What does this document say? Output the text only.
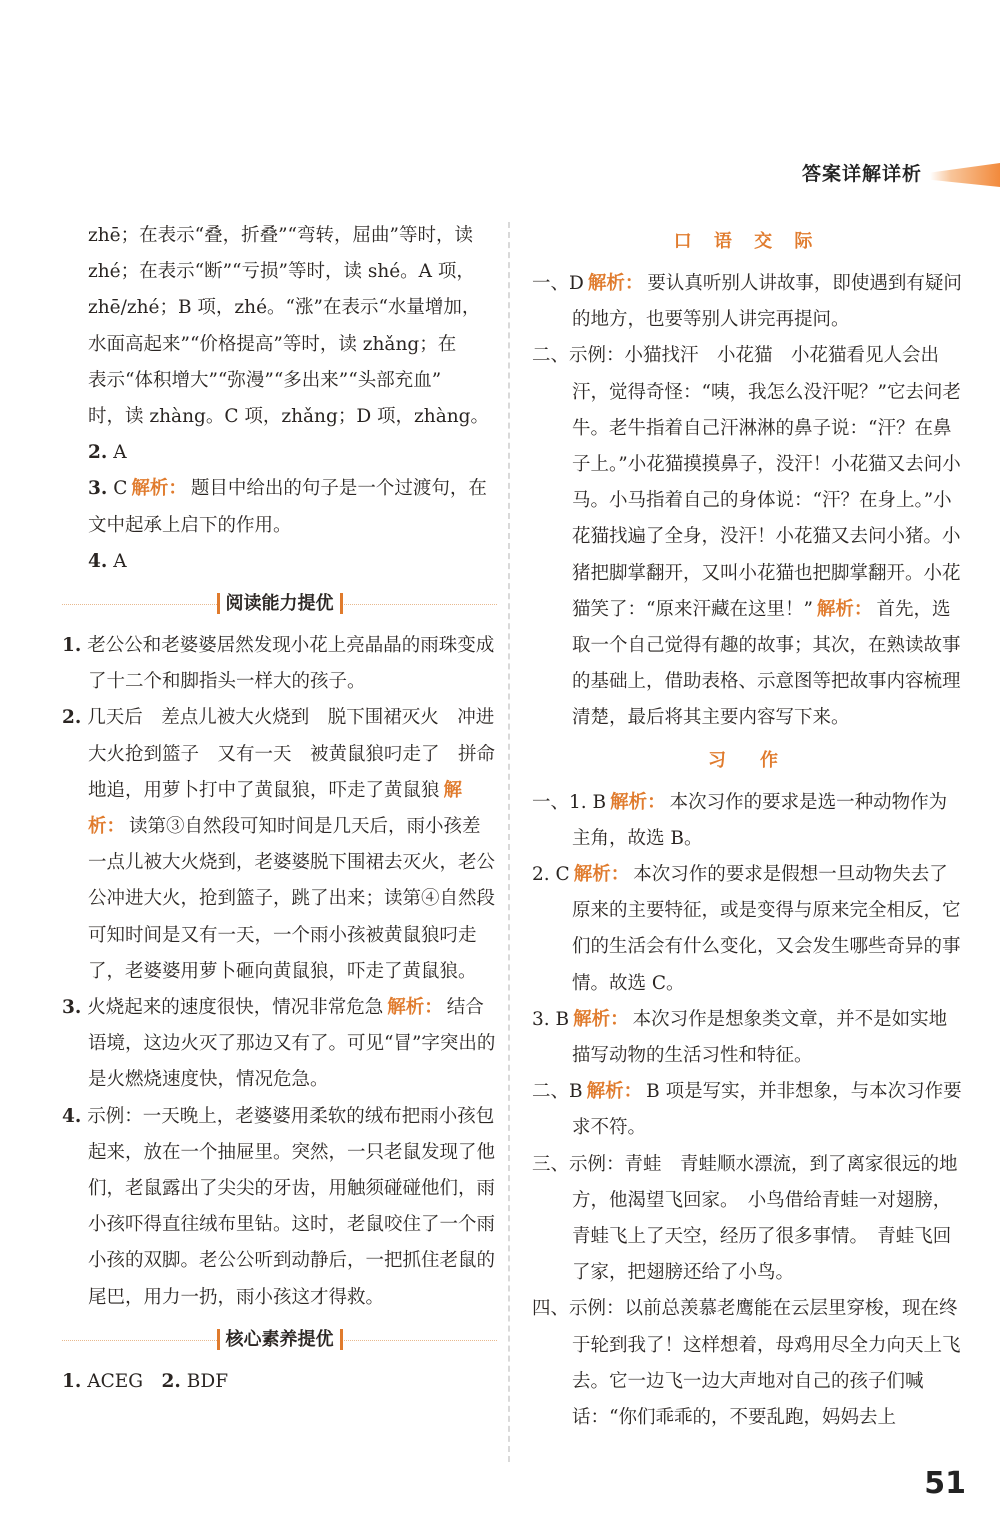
答案详解详析

zhē；在表示“叠，折叠”“弯转，屈曲”等时，读

zhé；在表示“断”“亏损”等时，读 shé。A 项，

zhē/zhé；B 项，zhé。“涨”在表示“水量增加，

水面高起来”“价格提高”等时，读 zhǎng；在

表示“体积增大”“弥漫”“多出来”“头部充血”

时，读 zhàng。C 项，zhǎng；D 项，zhàng。

2. A

3. C 解析： 题目中给出的句子是一个过渡句，在文中起承上启下的作用。

4. A

阅读能力提优

1. 老公公和老婆婆居然发现小花上亮晶晶的雨珠变成了十二个和脚指头一样大的孩子。

2. 几天后　差点儿被大火烧到　脱下围裙灭火　冲进大火抢到篮子　又有一天　被黄鼠狼叼走了　拼命地追，用萝卜打中了黄鼠狼，吓走了黄鼠狼 解析： 读第③自然段可知时间是几天后，雨小孩差一点儿被大火烧到，老婆婆脱下围裙去灭火，老公公冲进大火，抢到篮子，跳了出来；读第④自然段可知时间是又有一天，一个雨小孩被黄鼠狼叼走了，老婆婆用萝卜砸向黄鼠狼，吓走了黄鼠狼。

3. 火烧起来的速度很快，情况非常危急 解析： 结合语境，这边火灭了那边又有了。可见“冒”字突出的是火燃烧速度快，情况危急。

4. 示例：一天晚上，老婆婆用柔软的绒布把雨小孩包起来，放在一个抽屉里。突然，一只老鼠发现了他们，老鼠露出了尖尖的牙齿，用触须碰碰他们，雨小孩吓得直往绒布里钻。这时，老鼠咬住了一个雨小孩的双脚。老公公听到动静后，一把抓住老鼠的尾巴，用力一扔，雨小孩这才得救。

核心素养提优

1. ACEG　 2. BDF

口 语 交 际

一、D 解析： 要认真听别人讲故事，即使遇到有疑问的地方，也要等别人讲完再提问。

二、示例：小猫找汗　小花猫　小花猫看见人会出汗，觉得奇怪：“咦，我怎么没汗呢？”它去问老牛。老牛指着自己汗淋淋的鼻子说：“汗？在鼻子上。”小花猫摸摸鼻子，没汗！小花猫又去问小马。小马指着自己的身体说：“汗？在身上。”小花猫找遍了全身，没汗！小花猫又去问小猪。小猪把脚掌翻开，又叫小花猫也把脚掌翻开。小花猫笑了：“原来汗藏在这里！” 解析： 首先，选取一个自己觉得有趣的故事；其次，在熟读故事的基础上，借助表格、示意图等把故事内容梳理清楚，最后将其主要内容写下来。

习　作

一、1. B 解析： 本次习作的要求是选一种动物作为主角，故选 B。

2. C 解析： 本次习作的要求是假想一旦动物失去了原来的主要特征，或是变得与原来完全相反，它们的生活会有什么变化，又会发生哪些奇异的事情。故选 C。

3. B 解析： 本次习作是想象类文章，并不是如实地描写动物的生活习性和特征。

二、B 解析： B 项是写实，并非想象，与本次习作要求不符。

三、示例：青蛙　青蛙顺水漂流，到了离家很远的地方，他渴望飞回家。　小鸟借给青蛙一对翅膀，青蛙飞上了天空，经历了很多事情。　青蛙飞回了家，把翅膀还给了小鸟。

四、示例：以前总羡慕老鹰能在云层里穿梭，现在终于轮到我了！这样想着，母鸡用尽全力向天上飞去。它一边飞一边大声地对自己的孩子们喊话：“你们乖乖的，不要乱跑，妈妈去上

51
